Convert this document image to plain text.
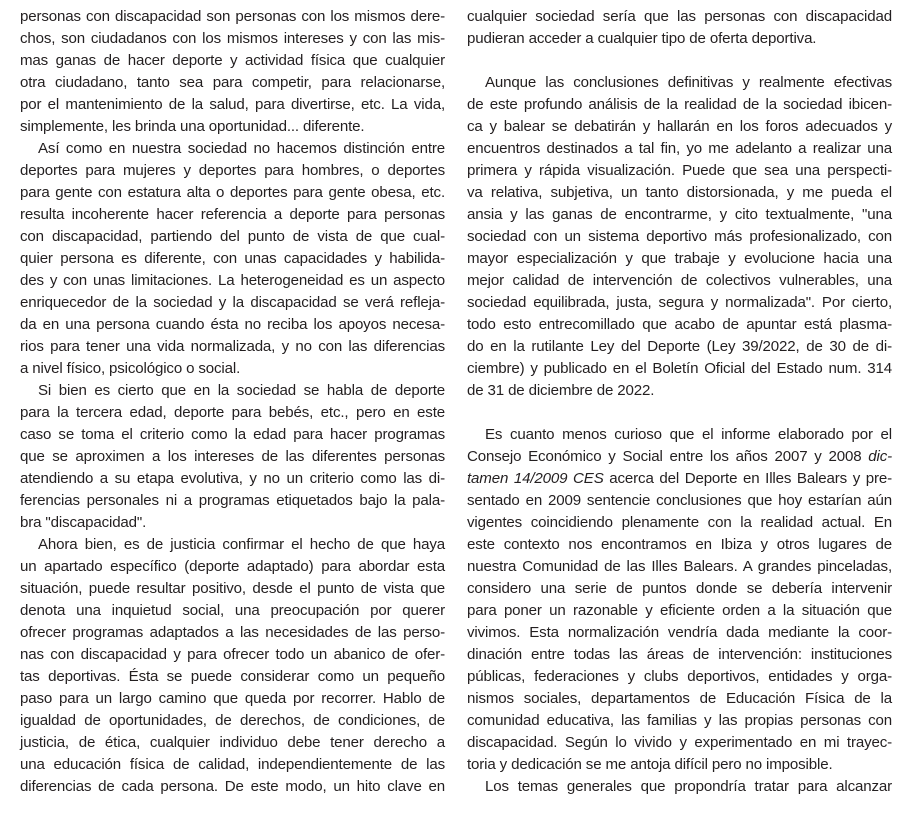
personas con discapacidad son personas con los mismos dere-
chos, son ciudadanos con los mismos intereses y con las mis-
mas ganas de hacer deporte y actividad física que cualquier
otra ciudadano, tanto sea para competir, para relacionarse,
por el mantenimiento de la salud, para divertirse, etc. La vida,
simplemente, les brinda una oportunidad... diferente.

Así como en nuestra sociedad no hacemos distinción entre
deportes para mujeres y deportes para hombres, o deportes
para gente con estatura alta o deportes para gente obesa, etc.
resulta incoherente hacer referencia a deporte para personas
con discapacidad, partiendo del punto de vista de que cual-
quier persona es diferente, con unas capacidades y habilida-
des y con unas limitaciones. La heterogeneidad es un aspecto
enriquecedor de la sociedad y la discapacidad se verá refleja-
da en una persona cuando ésta no reciba los apoyos necesa-
rios para tener una vida normalizada, y no con las diferencias
a nivel físico, psicológico o social.

Si bien es cierto que en la sociedad se habla de deporte
para la tercera edad, deporte para bebés, etc., pero en este
caso se toma el criterio como la edad para hacer programas
que se aproximen a los intereses de las diferentes personas
atendiendo a su etapa evolutiva, y no un criterio como las di-
ferencias personales ni a programas etiquetados bajo la pala-
bra "discapacidad".

Ahora bien, es de justicia confirmar el hecho de que haya
un apartado específico (deporte adaptado) para abordar esta
situación, puede resultar positivo, desde el punto de vista que
denota una inquietud social, una preocupación por querer
ofrecer programas adaptados a las necesidades de las perso-
nas con discapacidad y para ofrecer todo un abanico de ofer-
tas deportivas. Ésta se puede considerar como un pequeño
paso para un largo camino que queda por recorrer. Hablo de
igualdad de oportunidades, de derechos, de condiciones, de
justicia, de ética, cualquier individuo debe tener derecho a
una educación física de calidad, independientemente de las
diferencias de cada persona. De este modo, un hito clave en

cualquier sociedad sería que las personas con discapacidad
pudieran acceder a cualquier tipo de oferta deportiva.

Aunque las conclusiones definitivas y realmente efectivas
de este profundo análisis de la realidad de la sociedad ibicen-
ca y balear se debatirán y hallarán en los foros adecuados y
encuentros destinados a tal fin, yo me adelanto a realizar una
primera y rápida visualización. Puede que sea una perspecti-
va relativa, subjetiva, un tanto distorsionada, y me pueda el
ansia y las ganas de encontrarme, y cito textualmente, "una
sociedad con un sistema deportivo más profesionalizado, con
mayor especialización y que trabaje y evolucione hacia una
mejor calidad de intervención de colectivos vulnerables, una
sociedad equilibrada, justa, segura y normalizada". Por cierto,
todo esto entrecomillado que acabo de apuntar está plasma-
do en la rutilante Ley del Deporte (Ley 39/2022, de 30 de di-
ciembre) y publicado en el Boletín Oficial del Estado num. 314
de 31 de diciembre de 2022.

Es cuanto menos curioso que el informe elaborado por el
Consejo Económico y Social entre los años 2007 y 2008 dic-
tamen 14/2009 CES acerca del Deporte en Illes Balears y pre-
sentado en 2009 sentencie conclusiones que hoy estarían aún
vigentes coincidiendo plenamente con la realidad actual. En
este contexto nos encontramos en Ibiza y otros lugares de
nuestra Comunidad de las Illes Balears. A grandes pinceladas,
considero una serie de puntos donde se debería intervenir
para poner un razonable y eficiente orden a la situación que
vivimos. Esta normalización vendría dada mediante la coor-
dinación entre todas las áreas de intervención: instituciones
públicas, federaciones y clubs deportivos, entidades y orga-
nismos sociales, departamentos de Educación Física de la
comunidad educativa, las familias y las propias personas con
discapacidad. Según lo vivido y experimentado en mi trayec-
toria y dedicación se me antoja difícil pero no imposible.

Los temas generales que propondría tratar para alcanzar
